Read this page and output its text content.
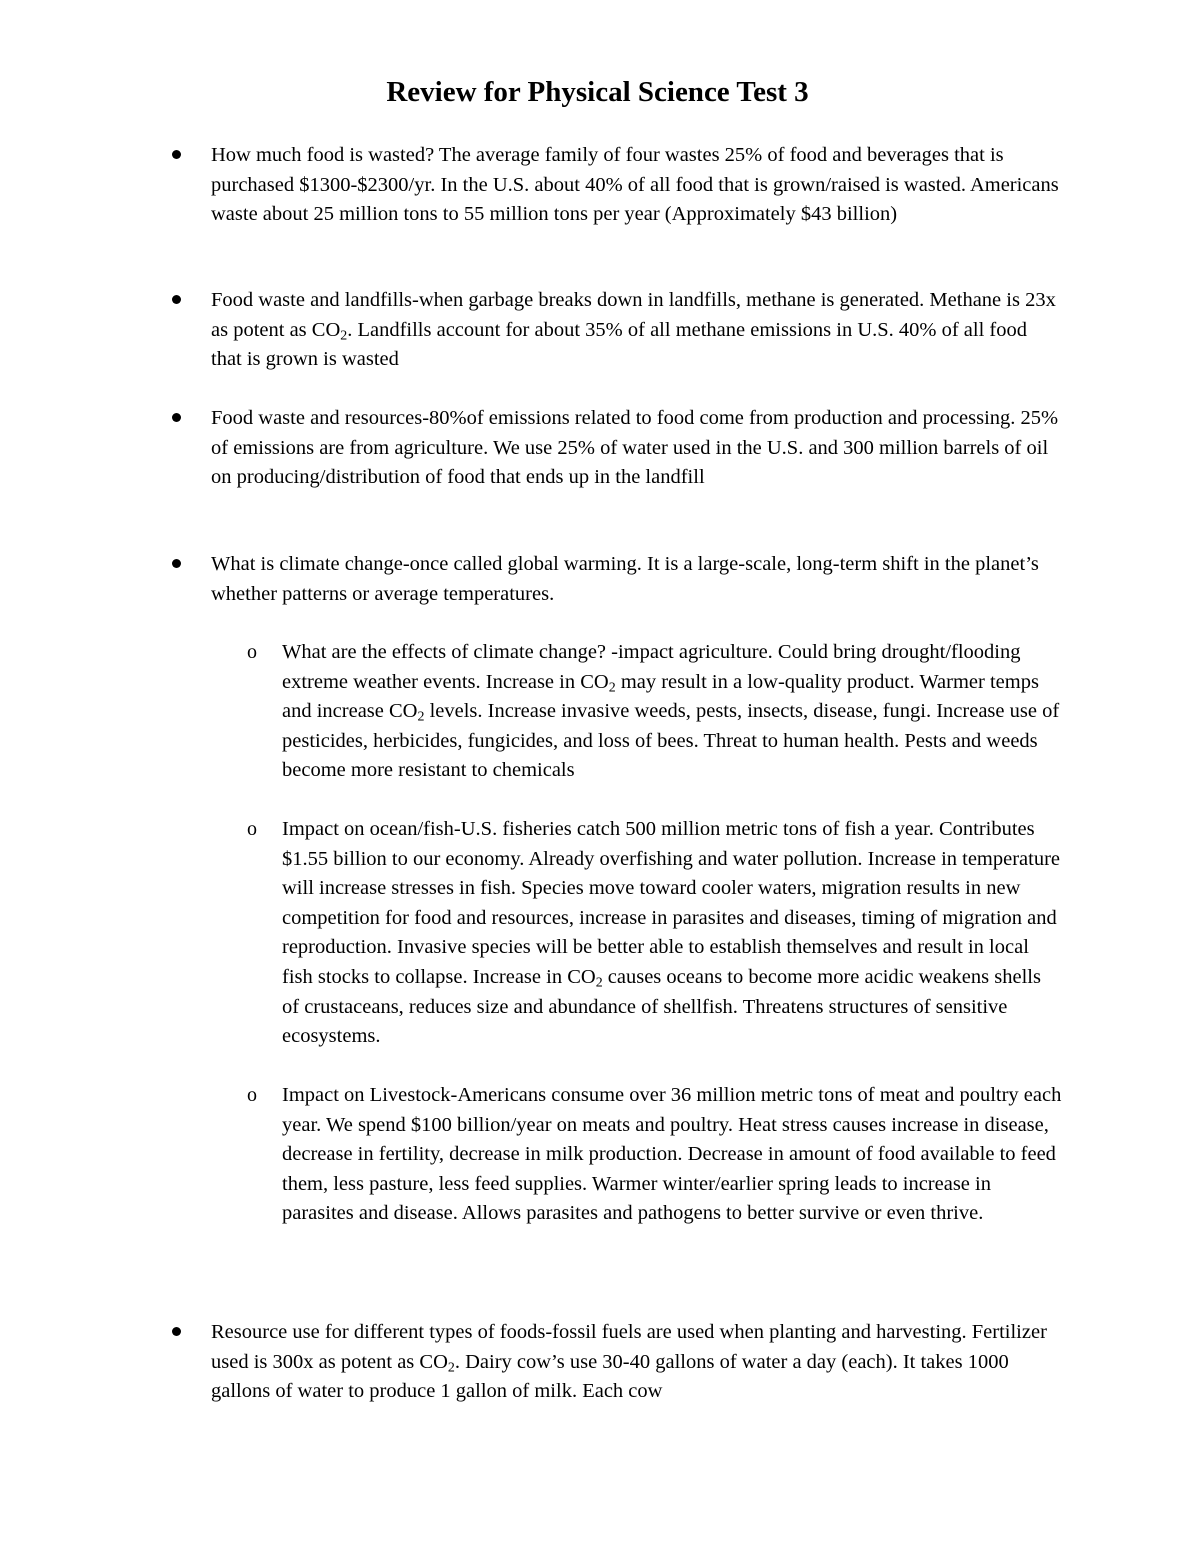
Review for Physical Science Test 3
How much food is wasted? The average family of four wastes 25% of food and beverages that is purchased $1300-$2300/yr. In the U.S. about 40% of all food that is grown/raised is wasted. Americans waste about 25 million tons to 55 million tons per year (Approximately $43 billion)
Food waste and landfills-when garbage breaks down in landfills, methane is generated. Methane is 23x as potent as $CO_2$. Landfills account for about 35% of all methane emissions in U.S. 40% of all food that is grown is wasted
Food waste and resources-80%of emissions related to food come from production and processing. 25% of emissions are from agriculture. We use 25% of water used in the U.S. and 300 million barrels of oil on producing/distribution of food that ends up in the landfill
What is climate change-once called global warming. It is a large-scale, long-term shift in the planet’s whether patterns or average temperatures.
o What are the effects of climate change? -impact agriculture. Could bring drought/flooding extreme weather events. Increase in $CO_2$ may result in a low-quality product. Warmer temps and increase $CO_2$ levels. Increase invasive weeds, pests, insects, disease, fungi. Increase use of pesticides, herbicides, fungicides, and loss of bees. Threat to human health. Pests and weeds become more resistant to chemicals
o Impact on ocean/fish-U.S. fisheries catch 500 million metric tons of fish a year. Contributes $1.55 billion to our economy. Already overfishing and water pollution. Increase in temperature will increase stresses in fish. Species move toward cooler waters, migration results in new competition for food and resources, increase in parasites and diseases, timing of migration and reproduction. Invasive species will be better able to establish themselves and result in local fish stocks to collapse. Increase in $CO_2$ causes oceans to become more acidic weakens shells of crustaceans, reduces size and abundance of shellfish. Threatens structures of sensitive ecosystems.
o Impact on Livestock-Americans consume over 36 million metric tons of meat and poultry each year. We spend $100 billion/year on meats and poultry. Heat stress causes increase in disease, decrease in fertility, decrease in milk production. Decrease in amount of food available to feed them, less pasture, less feed supplies. Warmer winter/earlier spring leads to increase in parasites and disease. Allows parasites and pathogens to better survive or even thrive.
Resource use for different types of foods-fossil fuels are used when planting and harvesting. Fertilizer used is 300x as potent as $CO_2$. Dairy cow’s use 30-40 gallons of water a day (each). It takes 1000 gallons of water to produce 1 gallon of milk. Each cow
